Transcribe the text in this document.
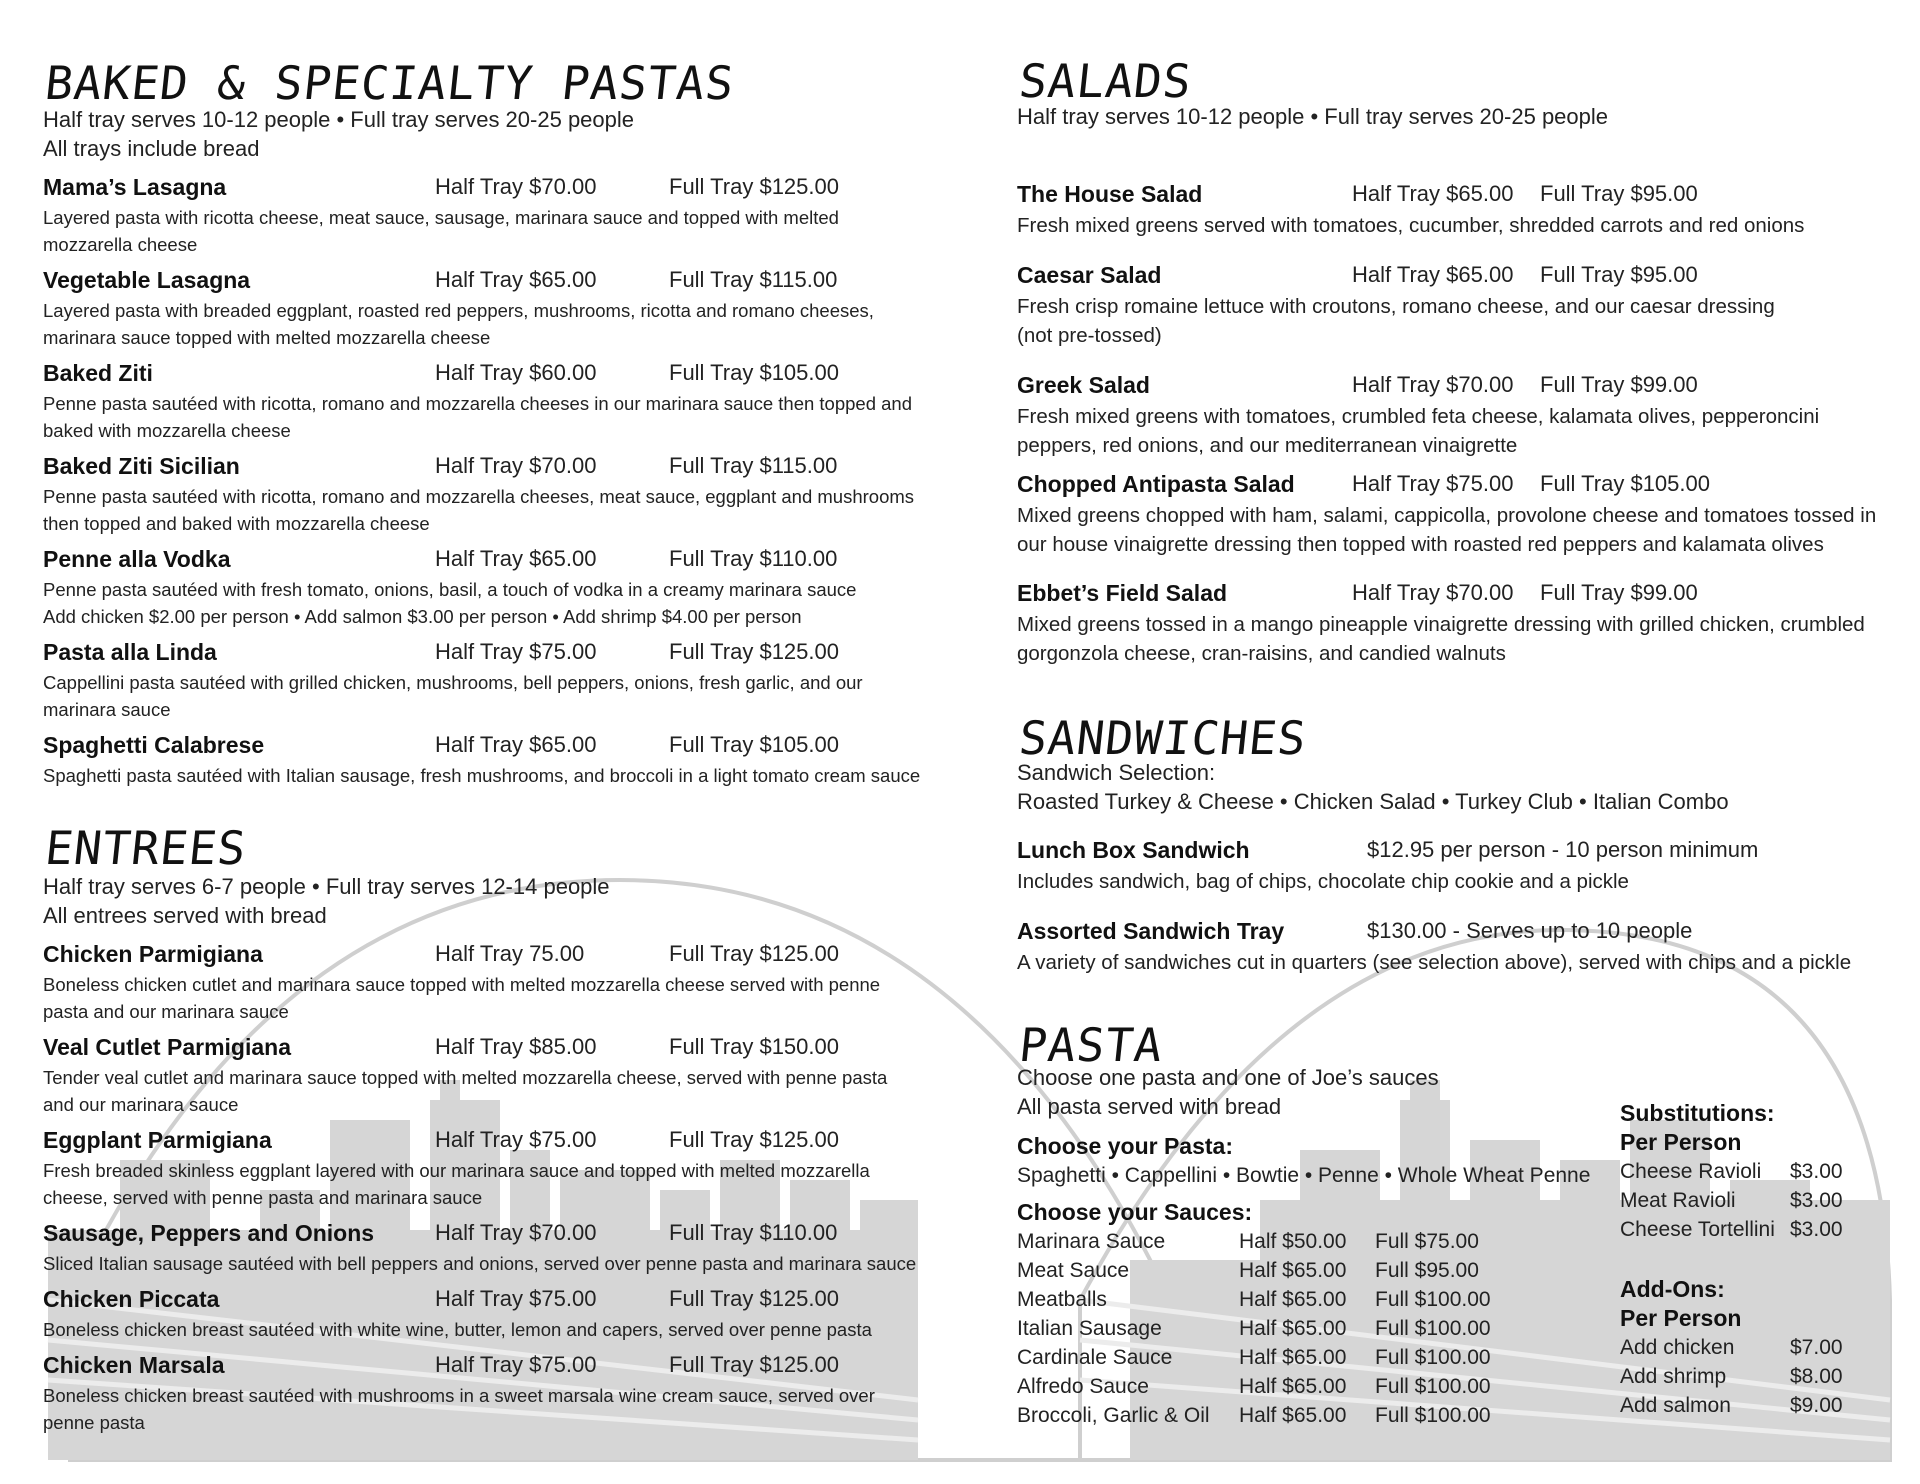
BAKED & SPECIALTY PASTAS
Half tray serves 10-12 people • Full tray serves 20-25 people
All trays include bread
Mama’s Lasagna	Half Tray $70.00	Full Tray $125.00
Layered pasta with ricotta cheese, meat sauce, sausage, marinara sauce and topped with melted mozzarella cheese
Vegetable Lasagna	Half Tray $65.00	Full Tray $115.00
Layered pasta with breaded eggplant, roasted red peppers, mushrooms, ricotta and romano cheeses, marinara sauce topped with melted mozzarella cheese
Baked Ziti	Half Tray $60.00	Full Tray $105.00
Penne pasta sautéed with ricotta, romano and mozzarella cheeses in our marinara sauce then topped and baked with mozzarella cheese
Baked Ziti Sicilian	Half Tray $70.00	Full Tray $115.00
Penne pasta sautéed with ricotta, romano and mozzarella cheeses, meat sauce, eggplant and mushrooms then topped and baked with mozzarella cheese
Penne alla Vodka	Half Tray $65.00	Full Tray $110.00
Penne pasta sautéed with fresh tomato, onions, basil, a touch of vodka in a creamy marinara sauce
Add chicken $2.00 per person • Add salmon $3.00 per person • Add shrimp $4.00 per person
Pasta alla Linda	Half Tray $75.00	Full Tray $125.00
Cappellini pasta sautéed with grilled chicken, mushrooms, bell peppers, onions, fresh garlic, and our marinara sauce
Spaghetti Calabrese	Half Tray $65.00	Full Tray $105.00
Spaghetti pasta sautéed with Italian sausage, fresh mushrooms, and broccoli in a light tomato cream sauce
ENTREES
Half tray serves 6-7 people • Full tray serves 12-14 people
All entrees served with bread
Chicken Parmigiana	Half Tray 75.00	Full Tray $125.00
Boneless chicken cutlet and marinara sauce topped with melted mozzarella cheese served with penne pasta and our marinara sauce
Veal Cutlet Parmigiana	Half Tray $85.00	Full Tray $150.00
Tender veal cutlet and marinara sauce topped with melted mozzarella cheese, served with penne pasta and our marinara sauce
Eggplant Parmigiana	Half Tray $75.00	Full Tray $125.00
Fresh breaded skinless eggplant layered with our marinara sauce and topped with melted mozzarella cheese, served with penne pasta and marinara sauce
Sausage, Peppers and Onions	Half Tray $70.00	Full Tray $110.00
Sliced Italian sausage sautéed with bell peppers and onions, served over penne pasta and marinara sauce
Chicken Piccata	Half Tray $75.00	Full Tray $125.00
Boneless chicken breast sautéed with white wine, butter, lemon and capers, served over penne pasta
Chicken Marsala	Half Tray $75.00	Full Tray $125.00
Boneless chicken breast sautéed with mushrooms in a sweet marsala wine cream sauce, served over penne pasta
SALADS
Half tray serves 10-12 people • Full tray serves 20-25 people
The House Salad	Half Tray $65.00 Full Tray $95.00
Fresh mixed greens served with tomatoes, cucumber, shredded carrots and red onions
Caesar Salad	Half Tray $65.00 Full Tray $95.00
Fresh crisp romaine lettuce with croutons, romano cheese, and our caesar dressing (not pre-tossed)
Greek Salad	Half Tray $70.00 Full Tray $99.00
Fresh mixed greens with tomatoes, crumbled feta cheese, kalamata olives, pepperoncini peppers, red onions, and our mediterranean vinaigrette
Chopped Antipasta Salad	Half Tray $75.00 Full Tray $105.00
Mixed greens chopped with ham, salami, cappicolla, provolone cheese and tomatoes tossed in our house vinaigrette dressing then topped with roasted red peppers and kalamata olives
Ebbet’s Field Salad	Half Tray $70.00 Full Tray $99.00
Mixed greens tossed in a mango pineapple vinaigrette dressing with grilled chicken, crumbled gorgonzola cheese, cran-raisins, and candied walnuts
SANDWICHES
Sandwich Selection:
Roasted Turkey & Cheese • Chicken Salad • Turkey Club • Italian Combo
Lunch Box Sandwich	$12.95 per person - 10 person minimum
Includes sandwich, bag of chips, chocolate chip cookie and a pickle
Assorted Sandwich Tray	$130.00 - Serves up to 10 people
A variety of sandwiches cut in quarters (see selection above), served with chips and a pickle
PASTA
Choose one pasta and one of Joe’s sauces
All pasta served with bread
Choose your Pasta:
Spaghetti • Cappellini • Bowtie • Penne • Whole Wheat Penne
Choose your Sauces:
Marinara Sauce	Half $50.00 Full $75.00
Meat Sauce	Half $65.00 Full $95.00
Meatballs	Half $65.00 Full $100.00
Italian Sausage	Half $65.00 Full $100.00
Cardinale Sauce	Half $65.00 Full $100.00
Alfredo Sauce	Half $65.00 Full $100.00
Broccoli, Garlic & Oil Half $65.00 Full $100.00
Substitutions:
Per Person
Cheese Ravioli $3.00
Meat Ravioli	$3.00
Cheese Tortellini $3.00
Add-Ons:
Per Person
Add chicken	$7.00
Add shrimp	$8.00
Add salmon	$9.00
